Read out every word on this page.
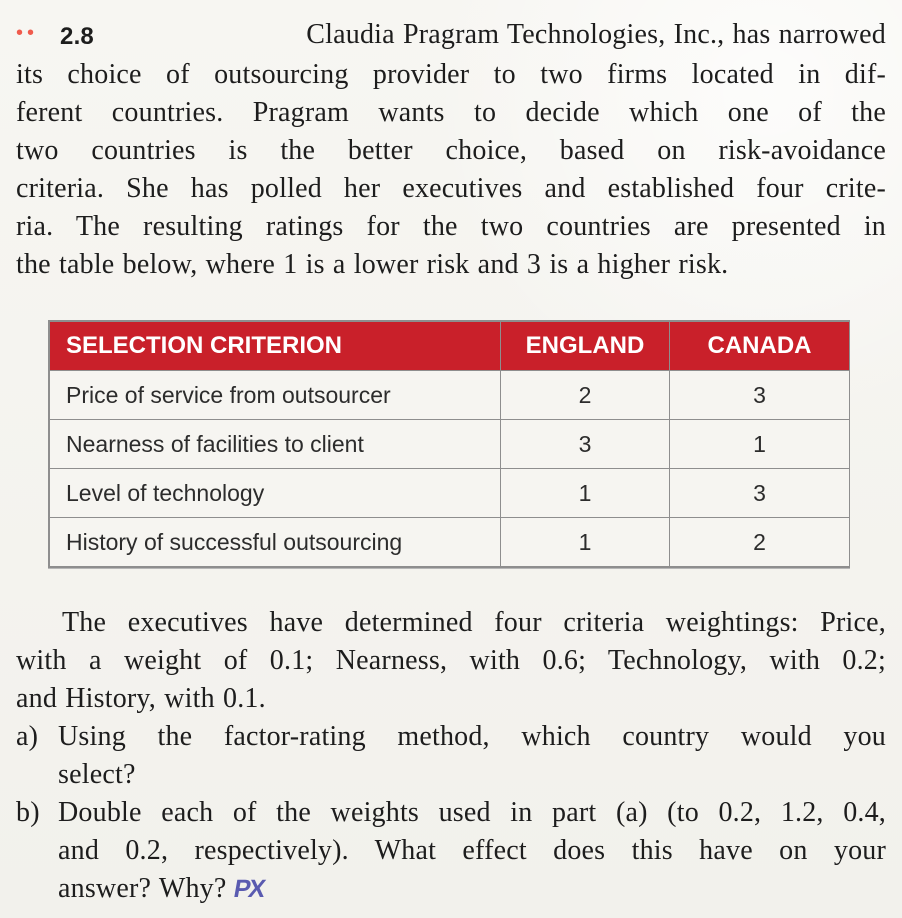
•• 2.8	Claudia Pragram Technologies, Inc., has narrowed
its choice of outsourcing provider to two firms located in dif-
ferent countries. Pragram wants to decide which one of the
two countries is the better choice, based on risk-avoidance
criteria. She has polled her executives and established four crite-
ria. The resulting ratings for the two countries are presented in
the table below, where 1 is a lower risk and 3 is a higher risk.
SELECTION CRITERION	ENGLAND	CANADA
Price of service from outsourcer	2	3
Nearness of facilities to client	3	1
Level of technology	1	3
History of successful outsourcing	1	2
The executives have determined four criteria weightings: Price,
with a weight of 0.1; Nearness, with 0.6; Technology, with 0.2;
and History, with 0.1.
a) Using the factor-rating method, which country would you
select?
b) Double each of the weights used in part (a) (to 0.2, 1.2, 0.4,
and 0.2, respectively). What effect does this have on your
answer? Why? PX
